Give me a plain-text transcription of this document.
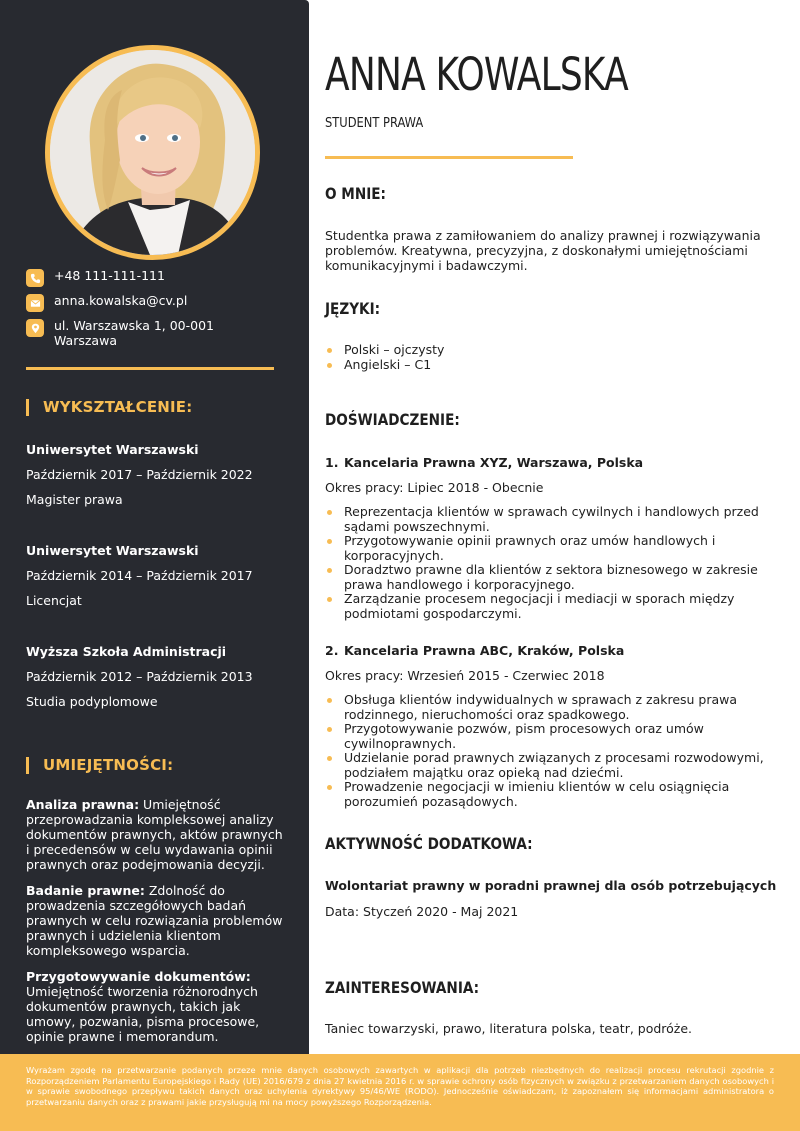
+48 111-111-111
anna.kowalska@cv.pl
ul. Warszawska 1, 00-001
Warszawa
WYKSZTAŁCENIE:
Uniwersytet Warszawski
Październik 2017 – Październik 2022
Magister prawa
Uniwersytet Warszawski
Październik 2014 – Październik 2017
Licencjat
Wyższa Szkoła Administracji
Październik 2012 – Październik 2013
Studia podyplomowe
UMIEJĘTNOŚCI:
Analiza prawna: Umiejętność przeprowadzania kompleksowej analizy dokumentów prawnych, aktów prawnych i precedensów w celu wydawania opinii prawnych oraz podejmowania decyzji.
Badanie prawne: Zdolność do prowadzenia szczegółowych badań prawnych w celu rozwiązania problemów prawnych i udzielenia klientom kompleksowego wsparcia.
Przygotowywanie dokumentów: Umiejętność tworzenia różnorodnych dokumentów prawnych, takich jak umowy, pozwania, pisma procesowe, opinie prawne i memorandum.
ANNA KOWALSKA
STUDENT PRAWA
O MNIE:
Studentka prawa z zamiłowaniem do analizy prawnej i rozwiązywania problemów. Kreatywna, precyzyjna, z doskonałymi umiejętnościami komunikacyjnymi i badawczymi.
JĘZYKI:
Polski – ojczysty
Angielski – C1
DOŚWIADCZENIE:
1. Kancelaria Prawna XYZ, Warszawa, Polska
Okres pracy: Lipiec 2018 - Obecnie
Reprezentacja klientów w sprawach cywilnych i handlowych przed sądami powszechnymi.
Przygotowywanie opinii prawnych oraz umów handlowych i korporacyjnych.
Doradztwo prawne dla klientów z sektora biznesowego w zakresie prawa handlowego i korporacyjnego.
Zarządzanie procesem negocjacji i mediacji w sporach między podmiotami gospodarczymi.
2. Kancelaria Prawna ABC, Kraków, Polska
Okres pracy: Wrzesień 2015 - Czerwiec 2018
Obsługa klientów indywidualnych w sprawach z zakresu prawa rodzinnego, nieruchomości oraz spadkowego.
Przygotowywanie pozwów, pism procesowych oraz umów cywilnoprawnych.
Udzielanie porad prawnych związanych z procesami rozwodowymi, podziałem majątku oraz opieką nad dziećmi.
Prowadzenie negocjacji w imieniu klientów w celu osiągnięcia porozumień pozasądowych.
AKTYWNOŚĆ DODATKOWA:
Wolontariat prawny w poradni prawnej dla osób potrzebujących
Data: Styczeń 2020 - Maj 2021
ZAINTERESOWANIA:
Taniec towarzyski, prawo, literatura polska, teatr, podróże.
Wyrażam zgodę na przetwarzanie podanych przeze mnie danych osobowych zawartych w aplikacji dla potrzeb niezbędnych do realizacji procesu rekrutacji zgodnie z Rozporządzeniem Parlamentu Europejskiego i Rady (UE) 2016/679 z dnia 27 kwietnia 2016 r. w sprawie ochrony osób fizycznych w związku z przetwarzaniem danych osobowych i w sprawie swobodnego przepływu takich danych oraz uchylenia dyrektywy 95/46/WE (RODO). Jednocześnie oświadczam, iż zapoznałem się informacjami administratora o przetwarzaniu danych oraz z prawami jakie przysługują mi na mocy powyższego Rozporządzenia.
